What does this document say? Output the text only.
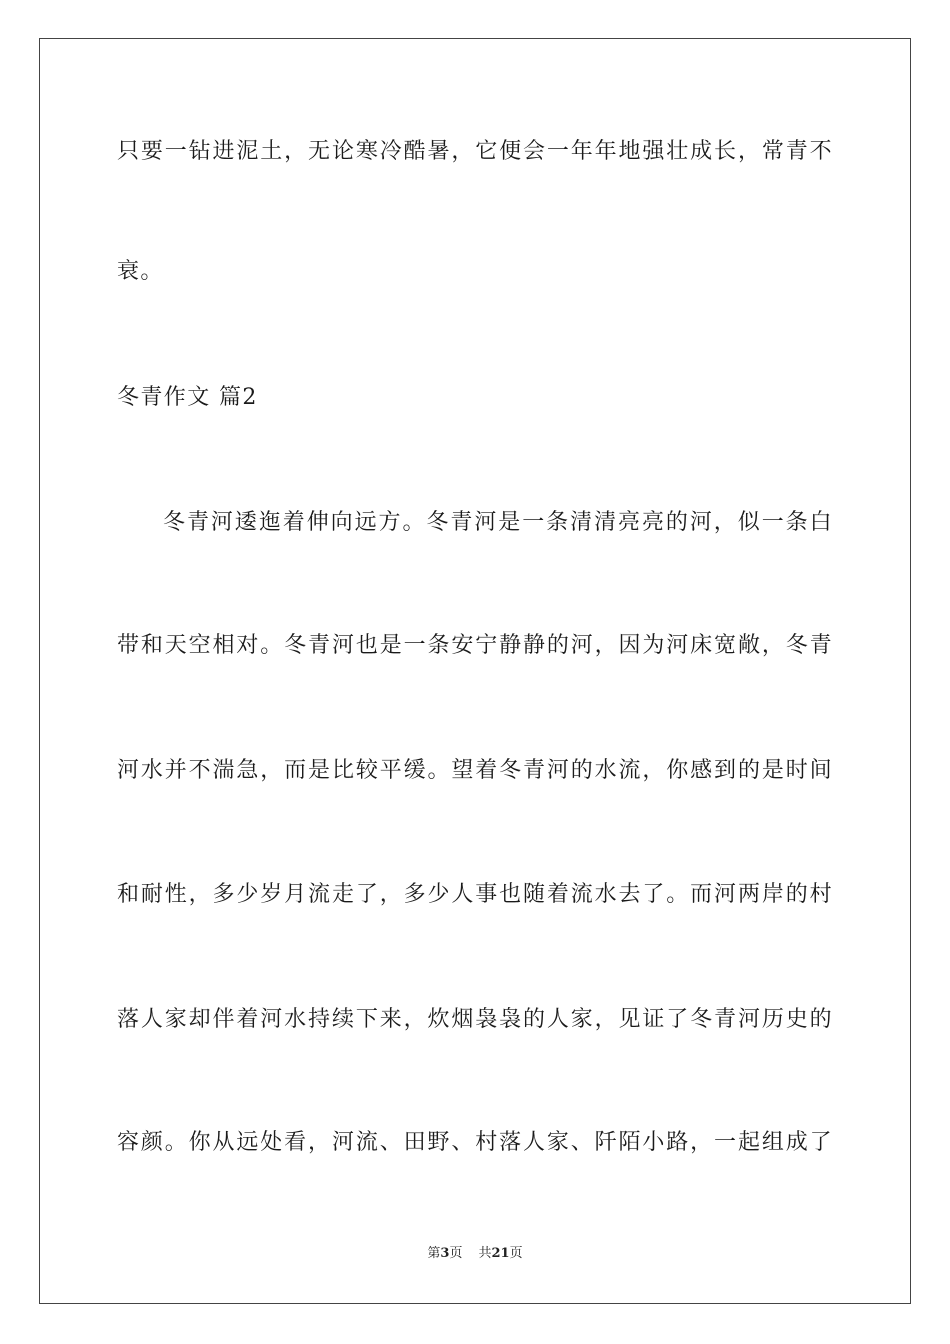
只要一钻进泥土，无论寒冷酷暑，它便会一年年地强壮成长，常青不
衰。
冬青作文 篇2
冬青河逶迤着伸向远方。冬青河是一条清清亮亮的河，似一条白
带和天空相对。冬青河也是一条安宁静静的河，因为河床宽敞，冬青
河水并不湍急，而是比较平缓。望着冬青河的水流，你感到的是时间
和耐性，多少岁月流走了，多少人事也随着流水去了。而河两岸的村
落人家却伴着河水持续下来，炊烟袅袅的人家，见证了冬青河历史的
容颜。你从远处看，河流、田野、村落人家、阡陌小路，一起组成了
第3页 共21页
